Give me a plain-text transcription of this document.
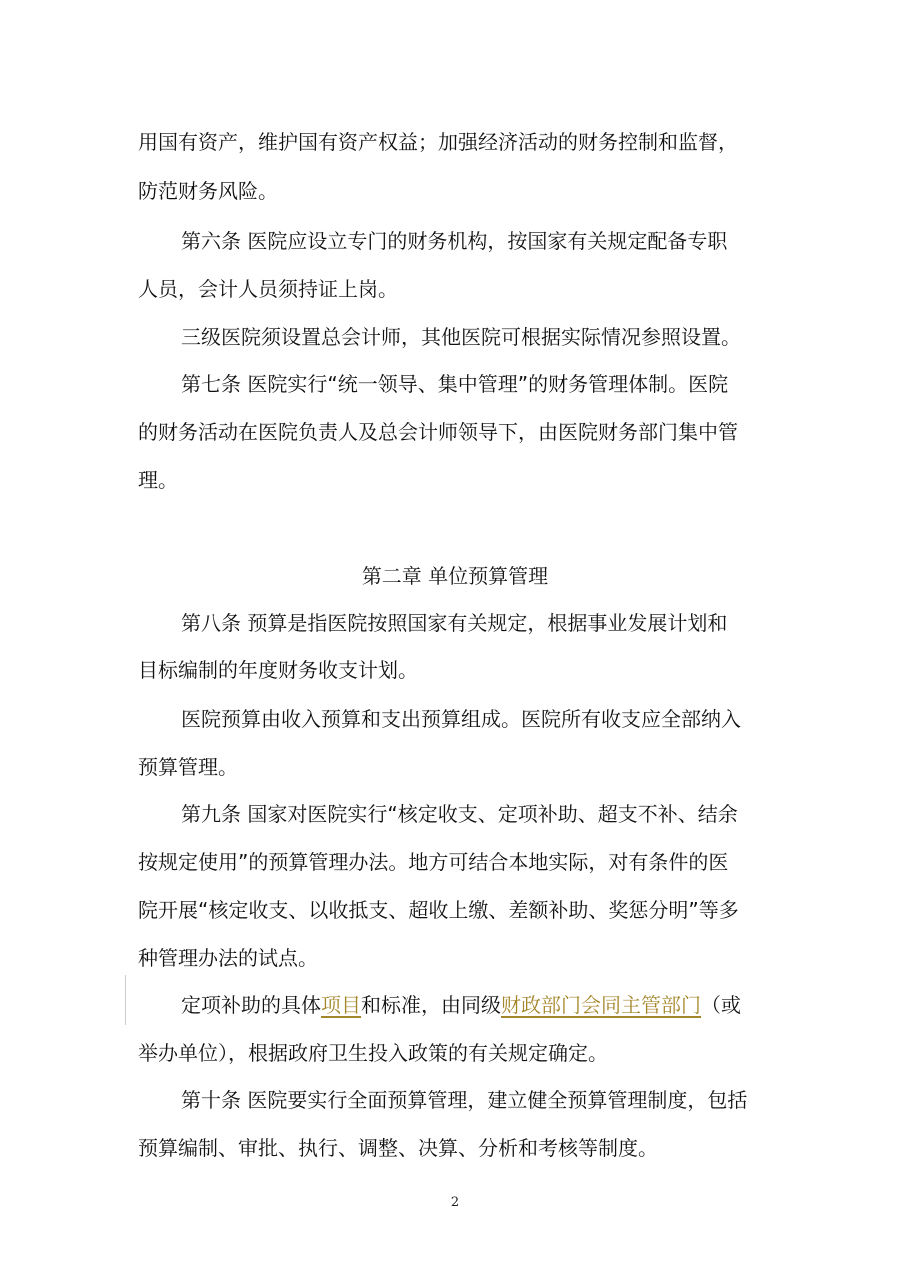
用国有资产，维护国有资产权益；加强经济活动的财务控制和监督，
防范财务风险。
第六条 医院应设立专门的财务机构，按国家有关规定配备专职
人员，会计人员须持证上岗。
三级医院须设置总会计师，其他医院可根据实际情况参照设置。
第七条 医院实行“统一领导、集中管理”的财务管理体制。医院
的财务活动在医院负责人及总会计师领导下，由医院财务部门集中管
理。
第二章 单位预算管理
第八条 预算是指医院按照国家有关规定，根据事业发展计划和
目标编制的年度财务收支计划。
医院预算由收入预算和支出预算组成。医院所有收支应全部纳入
预算管理。
第九条 国家对医院实行“核定收支、定项补助、超支不补、结余
按规定使用”的预算管理办法。地方可结合本地实际，对有条件的医
院开展“核定收支、以收抵支、超收上缴、差额补助、奖惩分明”等多
种管理办法的试点。
定项补助的具体项目和标准，由同级财政部门会同主管部门（或
举办单位），根据政府卫生投入政策的有关规定确定。
第十条 医院要实行全面预算管理，建立健全预算管理制度，包括
预算编制、审批、执行、调整、决算、分析和考核等制度。
2
